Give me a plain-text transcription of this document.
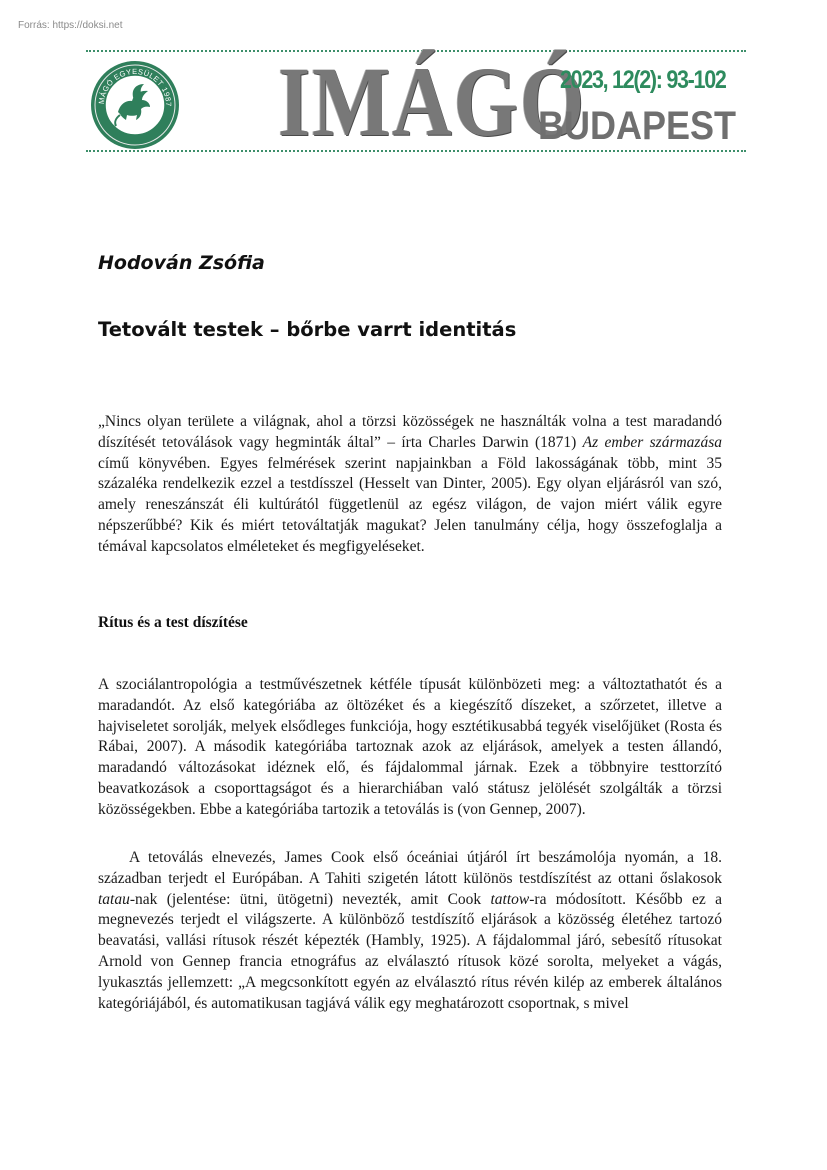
Forrás: https://doksi.net
MÁGÓ EGYESÜLET 1987
BUDAPEST 2008 IMÁGÓ
2023, 12(2): 93-102
BUDAPEST
Hodován Zsófia
Tetovált testek – bőrbe varrt identitás

„Nincs olyan területe a világnak, ahol a törzsi közösségek ne használták volna a test maradandó díszítését tetoválások vagy hegminták által” – írta Charles Darwin (1871) Az ember származása című könyvében. Egyes felmérések szerint napjainkban a Föld lakosságának több, mint 35 százaléka rendelkezik ezzel a testdísszel (Hesselt van Dinter, 2005). Egy olyan eljárásról van szó, amely reneszánszát éli kultúrától függetlenül az egész világon, de vajon miért válik egyre népszerűbbé? Kik és miért tetováltatják magukat? Jelen tanulmány célja, hogy összefoglalja a témával kapcsolatos elméleteket és megfigyeléseket.

Rítus és a test díszítése

A szociálantropológia a testművészetnek kétféle típusát különbözeti meg: a változtathatót és a maradandót. Az első kategóriába az öltözéket és a kiegészítő díszeket, a szőrzetet, illetve a hajviseletet sorolják, melyek elsődleges funkciója, hogy esztétikusabbá tegyék viselőjüket (Rosta és Rábai, 2007). A második kategóriába tartoznak azok az eljárások, amelyek a testen állandó, maradandó változásokat idéznek elő, és fájdalommal járnak. Ezek a többnyire testtorzító beavatkozások a csoporttagságot és a hierarchiában való státusz jelölését szolgálták a törzsi közösségekben. Ebbe a kategóriába tartozik a tetoválás is (von Gennep, 2007).

A tetoválás elnevezés, James Cook első óceániai útjáról írt beszámolója nyomán, a 18. században terjedt el Európában. A Tahiti szigetén látott különös testdíszítést az ottani őslakosok tatau-nak (jelentése: ütni, ütögetni) nevezték, amit Cook tattow-ra módosított. Később ez a megnevezés terjedt el világszerte. A különböző testdíszítő eljárások a közösség életéhez tartozó beavatási, vallási rítusok részét képezték (Hambly, 1925). A fájdalommal járó, sebesítő rítusokat Arnold von Gennep francia etnográfus az elválasztó rítusok közé sorolta, melyeket a vágás, lyukasztás jellemzett: „A megcsonkított egyén az elválasztó rítus révén kilép az emberek általános kategóriájából, és automatikusan tagjává válik egy meghatározott csoportnak, s mivel
